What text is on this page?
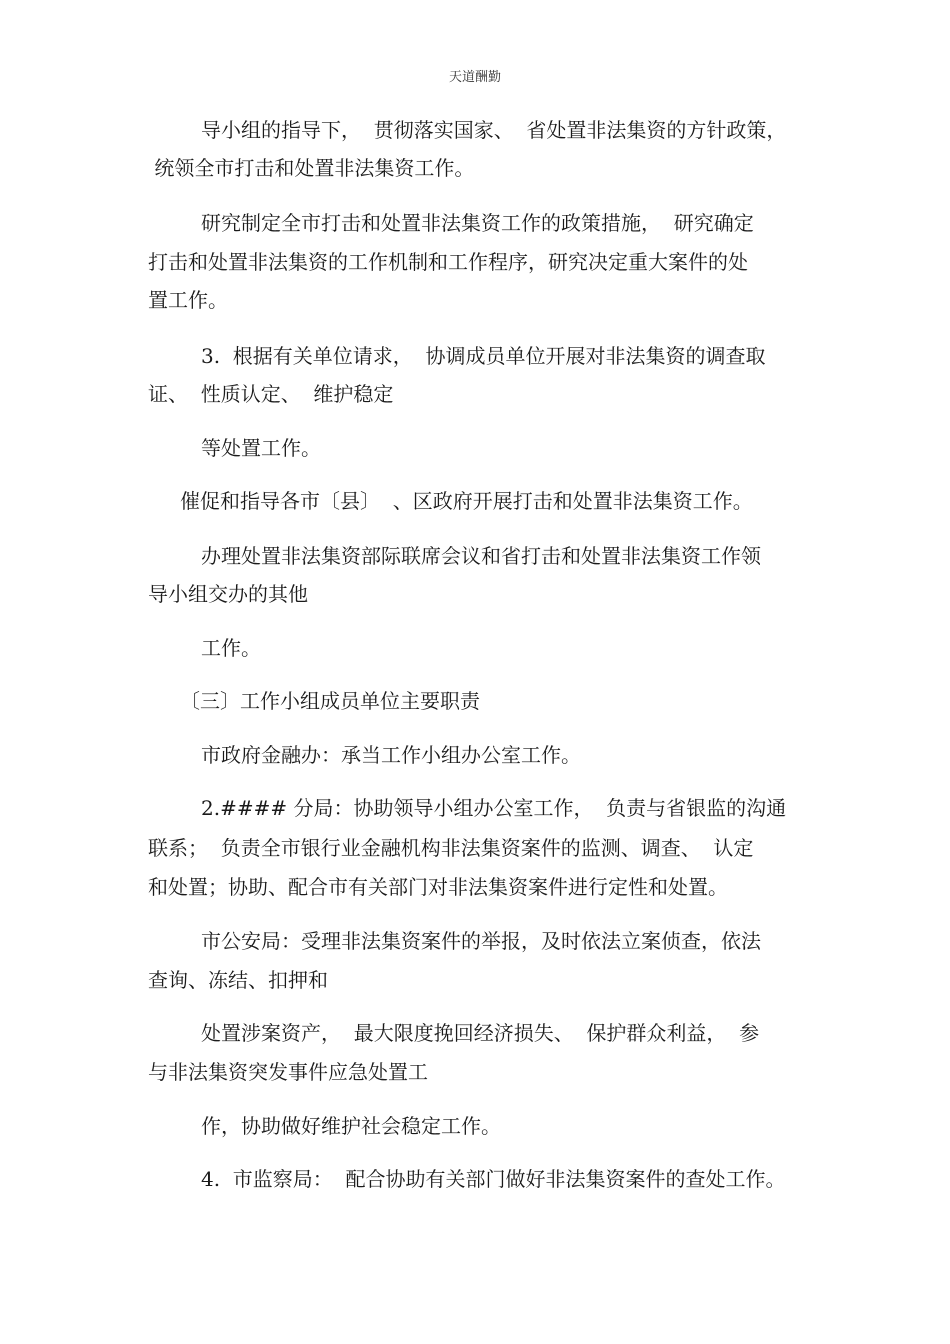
天道酬勤
导小组的指导下，  贯彻落实国家、  省处置非法集资的方针政策，
统领全市打击和处置非法集资工作。
研究制定全市打击和处置非法集资工作的政策措施，  研究确定
打击和处置非法集资的工作机制和工作程序，研究决定重大案件的处
置工作。
3.  根据有关单位请求，  协调成员单位开展对非法集资的调查取
证、  性质认定、  维护稳定
等处置工作。
催促和指导各市〔县〕  、区政府开展打击和处置非法集资工作。
办理处置非法集资部际联席会议和省打击和处置非法集资工作领
导小组交办的其他
工作。
〔三〕工作小组成员单位主要职责
市政府金融办：承当工作小组办公室工作。
2.#### 分局：协助领导小组办公室工作，  负责与省银监的沟通
联系；  负责全市银行业金融机构非法集资案件的监测、调查、  认定
和处置；协助、配合市有关部门对非法集资案件进行定性和处置。
市公安局：受理非法集资案件的举报，及时依法立案侦查，依法
查询、冻结、扣押和
处置涉案资产，  最大限度挽回经济损失、  保护群众利益，  参
与非法集资突发事件应急处置工
作，协助做好维护社会稳定工作。
4.  市监察局：  配合协助有关部门做好非法集资案件的查处工作。
